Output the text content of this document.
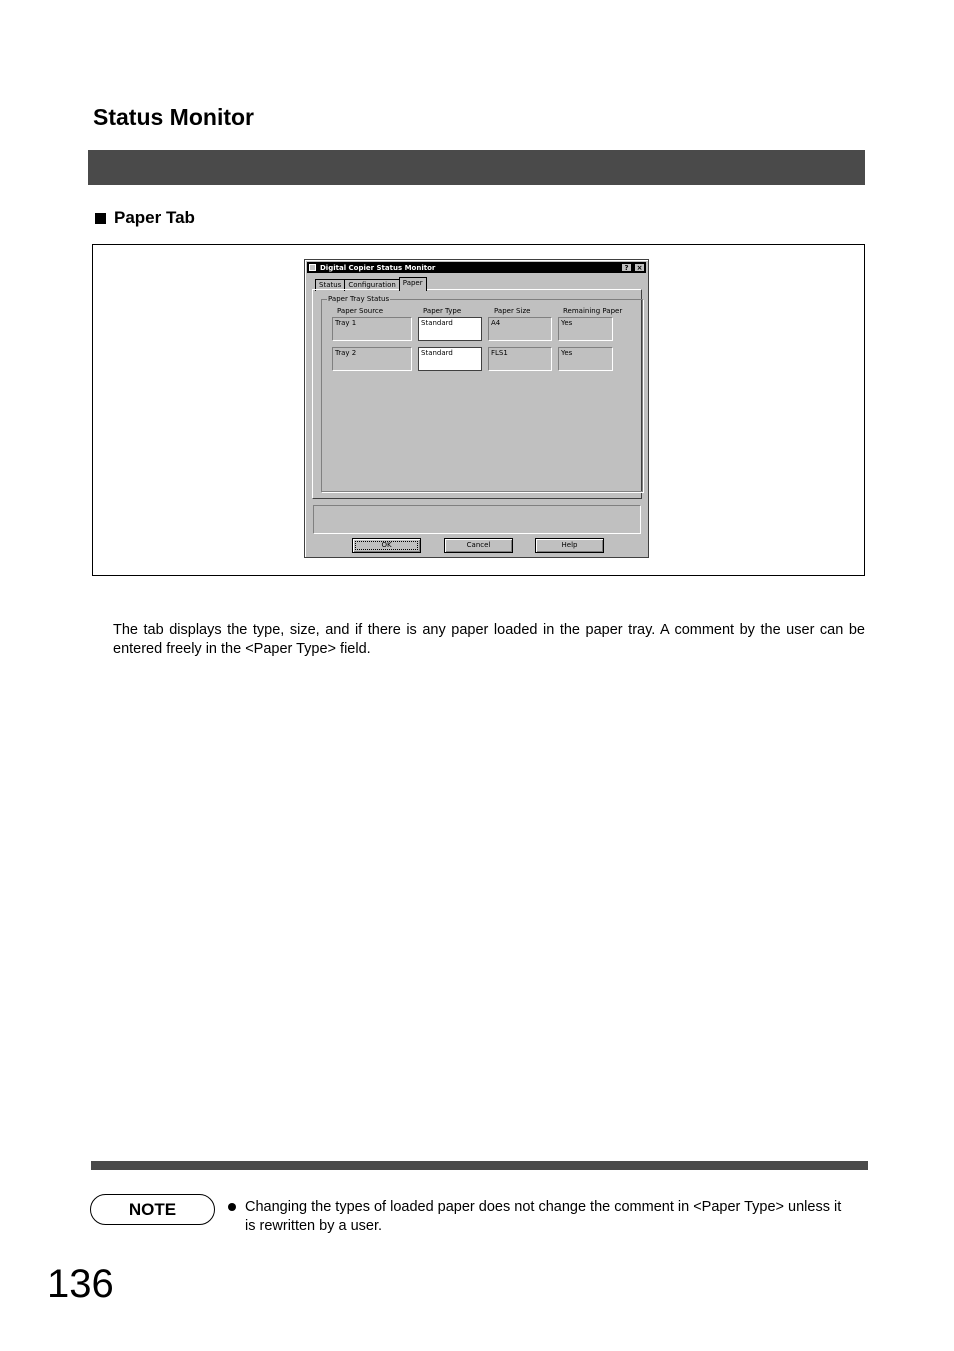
Status Monitor
Paper Tab
Digital Copier Status Monitor	?	×
Status	Configuration	Paper
Paper Tray Status
Paper Source	Paper Type	Paper Size	Remaining Paper
Tray 1	Standard	A4	Yes
Tray 2	Standard	FLS1	Yes
OK	Cancel	Help
The tab displays the type, size, and if there is any paper loaded in the paper tray. A comment by the user can be entered freely in the <Paper Type> field.
NOTE	Changing the types of loaded paper does not change the comment in <Paper Type> unless it is rewritten by a user.
136
